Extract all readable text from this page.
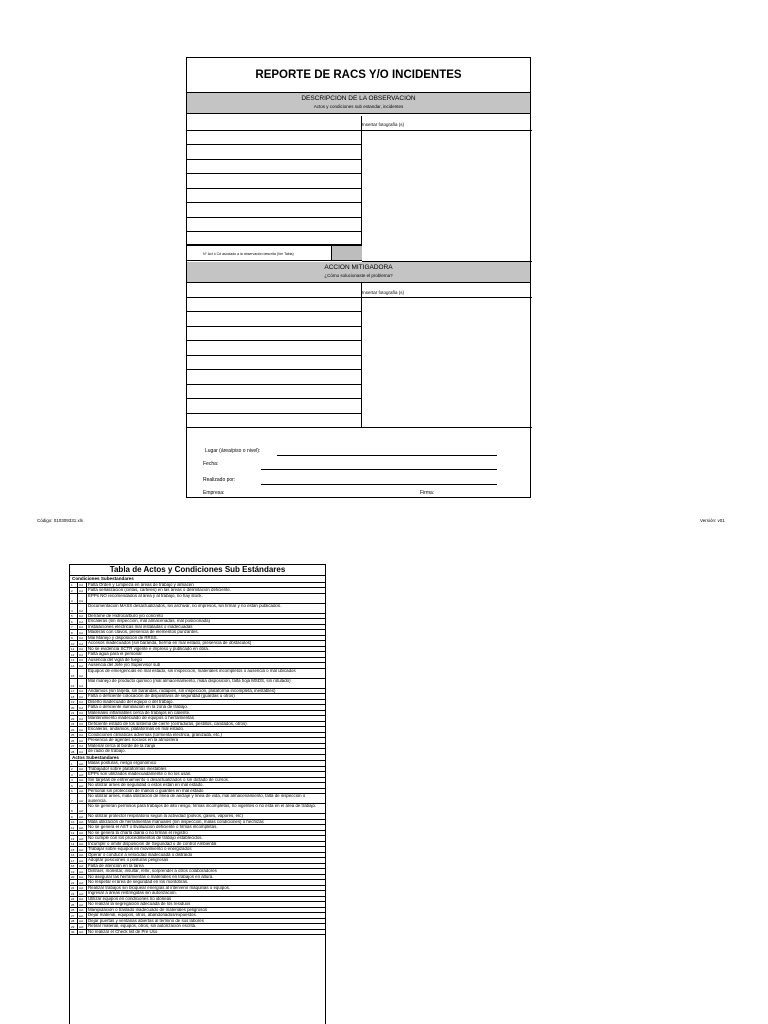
REPORTE DE RACS Y/O INCIDENTES
DESCRIPCION DE LA OBSERVACION
Actos y condiciones sub estandar, incidentes
Insertar fotografía (s)
N° Act ó Cd asociado a la observación descrita (Ver Tabla)
ACCION MITIGADORA
¿Cómo solucionaste el problema?
Insertar fotografía (s)
Lugar (área/piso o nivel):
Fecha:
Realizado por:
Empresa:	Firma:
Código: 010309331.xls	Versión: v01
Tabla de Actos y Condiciones Sub Estándares
Condiciones Subestandares
1	Cd	Falta Orden y Limpieza en áreas de trabajo y almacén
2	Cd	Falta señalización (cintas, carteles) en las áreas o delimitación deficiente.
3	Cd
EPPs NO recomendados al área y al trabajo, no hay stock.
4	Cd
Documentacion MASS desactualizados, sin archivar, no impresos, sin firmar y no estan publicados.
5	Cd	Derrame de Hidrocarburo y/o concreto
6	Cd	Escaleras (sin inspección, mal almacenadas, mal posicionada)
7	Cd	Instalaciones eléctricas mal instaladas o inadecuadas
8	Cd	Maderas con clavos, presencia de elementos punzantes.
9	Cd	Mal Manejo y disposición de RRSS.
10	Cd	Accesos inadecuados (sin baranda, berma en mal estado, presencia de obstaculos)
11	Cd	No se evidencia SCTR vigente e impreso y publicado en obra.
12	Cd	Falta agua para el personal
13	Cd	Ausencia del vigía de fuego
14	Cd	Ausencia del Jefe y/o Supervisor sub
15	Cd
Equipos de emergencias en mal estado, sin inspeccion, materiales incompletos o ausencia o mal ubicados
16	Cd
Mal manejo de producto químico (mal almacenamiento, mala disposición, falta hoja MSDS, sin rotulado)
17	Cd	Andamios (sin tarjeta, sin barandas, rodapies, sin inspección, plataforma incompleta, inestables)
18	Cd	Falta o deficiente colocación de dispositivos de seguridad (guardas u otros)
19	Cd	Diseño inadecuado del equipo o del trabajo.
20	Cd	Falta o deficiente iluminación en la zona de trabajo.
21	Cd	Materiales inflamables cerca de trabajos en caliente.
22	Cd	Mantenimiento inadecuado de equipos o herramientas
23	Cd	Deficiente estado de los sistema de cierre (cerraduras, pestillos, candados, otros).
24	Cd	Escaleras, andamios, plataformas en mal estado.
25	Cd	Condiciones climaticas adversas (tormenta eléctrica, granizada, etc.)
26	Cd	Presencia de agentes nocivos en la atmósfera
27	Cd	Material cerca al borde de la zanja
28	Cd	de radio de trabajo.
Actos Subestandares
1	Act	Malas posturas, riesgo ergonómico
2	Act	Trabajador sobre plataformas inestables
3	Act	EPPs son utilizados inadecuadamente o no los usan.
4	Act	Sin tarjetas de entrenamiento o desactualizados o sin dictado de cursos.
5	Act	No utilizar arnes de seguridad o estos estan en mal estado.
6	Act	Personal sin protección de manos o guantes en mal estado
7	Act
No utilizar arnés, mala utilización de línea de anclaje y línea de vida, mal almacenamiento, falta de inspección o ausencia.
8	Act
No se generan permisos para trabajos de alto riesgo, firmas incompletas, no vigentes o no esta en el area de trabajo.
9	Act	No utilizar protector respiratorio según la actividad (polvos, gases, vapores, etc)
10	Act	Mala utilización de herramientas manuales (sin inspeccion, malas condiciones) o hechizas
11	Act	No se genera el AST o Evaluacion deficiente o firmas incompletas.
12	Act	No se genera la charla diaria o no firman el registro
13	Act	No cumple con los procedimientos de trabajo establecidos.
14	Act	Incumplir o omitir disposición de Seguridad o de control Ambiental
15	Act	Trabajar sobre equipos en movimiento o energizados
16	Act	Operar o conducir a velocidad inadecuada o distraído
17	Act	Adoptar posiciones o posturas peligrosas
18	Act	Falta de atención en la tarea
19	Act	Distraer, molestar, insultar, reñir, sorprender a otros colaboradores
20	Act	No asegurar las herramientas o materiales en trabajos en altura.
21	Act	No respetar el área de seguridad en los montobras.
22	Act	Realizar trabajos sin bloquear energías al intervenir máquinas o equipos.
23	Act	Ingresar a áreas restringidas sin autorización.
24	Act	Utilizar equipos en condiciones no idóneas
25	Act	No realizar la segregación adecuada de los residuos
26	Act	Manipulación o traslado inadecuado de materiales peligrosos
27	Act	Dejar material, equipos, otros, abandonados/expuestos.
28	Act	Dejar puertas y ventanas abiertas al término de sus labores
29	Act	Retirar material, equipos, otros, sin autorización escrita.
30	Act	No realizar el Check list de Pre Uso
